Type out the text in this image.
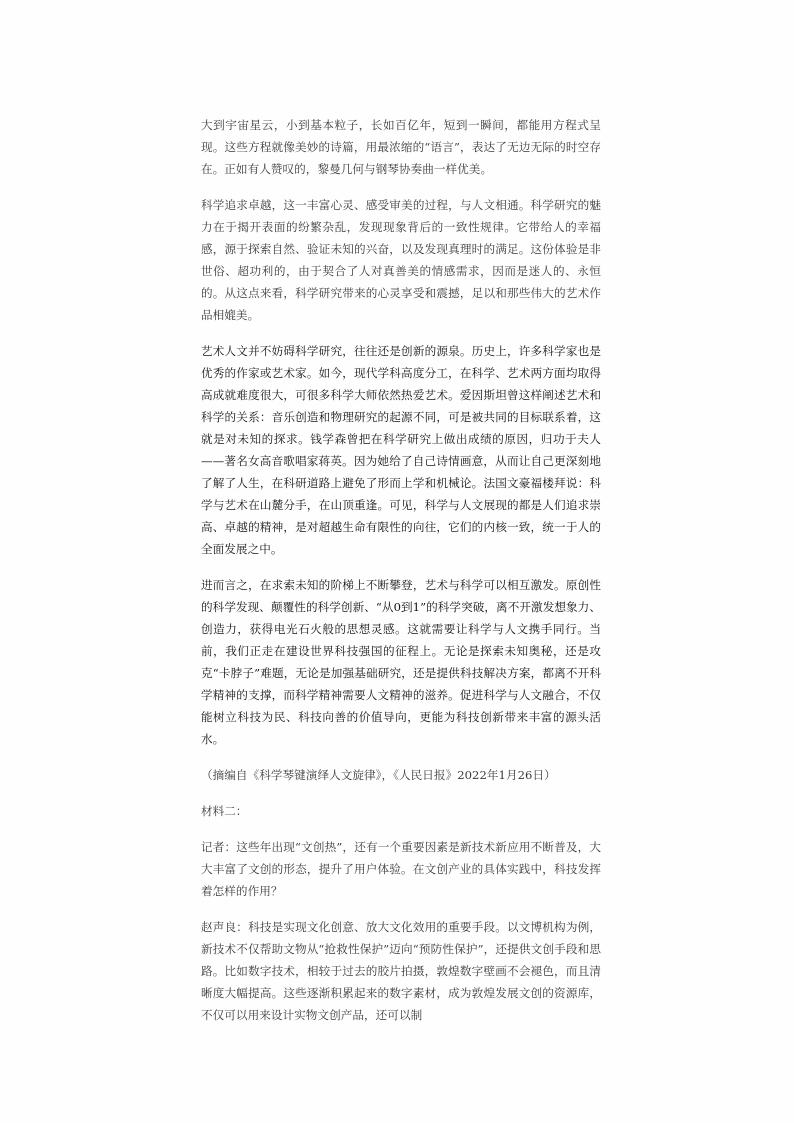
大到宇宙星云，小到基本粒子，长如百亿年，短到一瞬间，都能用方程式呈现。这些方程就像美妙的诗篇，用最浓缩的“语言”，表达了无边无际的时空存在。正如有人赞叹的，黎曼几何与钢琴协奏曲一样优美。

科学追求卓越，这一丰富心灵、感受审美的过程，与人文相通。科学研究的魅力在于揭开表面的纷繁杂乱，发现现象背后的一致性规律。它带给人的幸福感，源于探索自然、验证未知的兴奋，以及发现真理时的满足。这份体验是非世俗、超功利的，由于契合了人对真善美的情感需求，因而是迷人的、永恒的。从这点来看，科学研究带来的心灵享受和震撼，足以和那些伟大的艺术作品相媲美。

艺术人文并不妨碍科学研究，往往还是创新的源泉。历史上，许多科学家也是优秀的作家或艺术家。如今，现代学科高度分工，在科学、艺术两方面均取得高成就难度很大，可很多科学大师依然热爱艺术。爱因斯坦曾这样阐述艺术和科学的关系：音乐创造和物理研究的起源不同，可是被共同的目标联系着，这就是对未知的探求。钱学森曾把在科学研究上做出成绩的原因，归功于夫人——著名女高音歌唱家蒋英。因为她给了自己诗情画意，从而让自己更深刻地了解了人生，在科研道路上避免了形而上学和机械论。法国文豪福楼拜说：科学与艺术在山麓分手，在山顶重逢。可见，科学与人文展现的都是人们追求崇高、卓越的精神，是对超越生命有限性的向往，它们的内核一致，统一于人的全面发展之中。

进而言之，在求索未知的阶梯上不断攀登，艺术与科学可以相互激发。原创性的科学发现、颠覆性的科学创新、“从0到1”的科学突破，离不开激发想象力、创造力，获得电光石火般的思想灵感。这就需要让科学与人文携手同行。当前，我们正走在建设世界科技强国的征程上。无论是探索未知奥秘，还是攻克“卡脖子”难题，无论是加强基础研究，还是提供科技解决方案，都离不开科学精神的支撑，而科学精神需要人文精神的滋养。促进科学与人文融合，不仅能树立科技为民、科技向善的价值导向，更能为科技创新带来丰富的源头活水。

（摘编自《科学琴键演绎人文旋律》，《人民日报》2022年1月26日）

材料二：

记者：这些年出现“文创热”，还有一个重要因素是新技术新应用不断普及，大大丰富了文创的形态，提升了用户体验。在文创产业的具体实践中，科技发挥着怎样的作用？

赵声良：科技是实现文化创意、放大文化效用的重要手段。以文博机构为例，新技术不仅帮助文物从“抢救性保护”迈向“预防性保护”，还提供文创手段和思路。比如数字技术，相较于过去的胶片拍摄，敦煌数字壁画不会褪色，而且清晰度大幅提高。这些逐渐积累起来的数字素材，成为敦煌发展文创的资源库，不仅可以用来设计实物文创产品，还可以制
